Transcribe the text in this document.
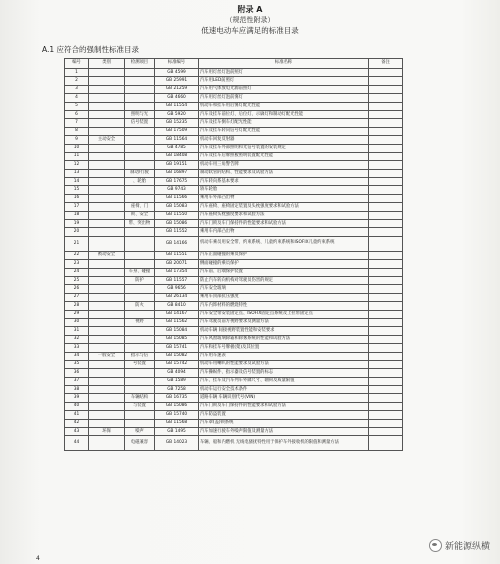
附录 A
（规范性附录）
低速电动车应满足的标准目录
A.1 应符合的强制性标准目录
编号	类别	检测项目	标准编号	标准名称	备注
1			GB 4599	汽车用灯丝灯泡前照灯	
2			GB 25991	汽车用LED前照灯	
3			GB 21259	汽车用气体放电光源前照灯	
4			GB 4660	汽车用灯丝灯泡前雾灯	
5			GB 11554	机动车和挂车用后雾灯配光性能	
6		照明与光	GB 5920	汽车及挂车前位灯、后位灯、示廓灯和制动灯配光性能	
7		信号装置	GB 15235	汽车及挂车倒车灯配光性能	
8			GB 17509	汽车及挂车转向信号灯配光性能	
9	主动安全		GB 11564	机动车回复反射器	
10			GB 4785	汽车及挂车外部照明和光信号装置的安装规定	
11			GB 18408	汽车及挂车后牌照板照明装置配光性能	
12			GB 19151	机动车用三角警告牌	
13		制动/行驶	GB 16897	制动软管的结构、性能要求及试验方法	
14		、轮胎	GB 17675	汽车转向系基本要求	
15			GB 9743	轿车轮胎	
16			GB 11566	乘用车外部凸出物	
17		座椅、门	GB 15083	汽车座椅、座椅固定装置及头枕强度要求和试验方法	
18		锁、安全	GB 11550	汽车座椅头枕强度要求和试验方法	
19		带、突出物	GB 15086	汽车门锁及车门保持件的性能要求和试验方法	
20			GB 11552	乘用车内部凸出物	
21			GB 14166	机动车乘员用安全带、约束系统、儿童约束系统和ISOFIX儿童约束系统	
22	被动安全		GB 11551	汽车正面碰撞的乘员保护	
23			GB 20071	侧面碰撞的乘员保护	
24		车身、碰撞	GB 17354	汽车前、后端保护装置	
25		防护	GB 11557	防止汽车转向机构对驾驶员伤害的规定	
26			GB 9656	汽车安全玻璃	
27			GB 26134	乘用车顶部抗压强度	
28		防火	GB 8410	汽车内饰材料的燃烧特性	
29			GB 14167	汽车安全带安装固定点、ISOFIX固定点系统及上拉带固定点	
30		视野	GB 11562	汽车驾驶员前方视野要求及测量方法	
31			GB 15084	机动车辆 间接视野装置性能和安装要求	
32			GB 15085	汽车风窗玻璃除霜和除雾系统的性能和试验方法	
33			GB 15741	汽车和挂车号牌板(架)及其位置	
34	一般安全	指示与信	GB 15082	汽车用车速表	
35		号装置	GB 15742	机动车用喇叭的性能要求及试验方法	
36			GB 4094	汽车操纵件、指示器及信号装置的标志	
37			GB 1589	汽车、挂车及汽车列车外廓尺寸、轴荷及质量限值	
38			GB 7258	机动车运行安全技术条件	
39		车辆结构	GB 16735	道路车辆 车辆识别代号(VIN)	
40		与装置	GB 15086	汽车门锁及车门保持件的性能要求和试验方法	
41			GB 15740	汽车防盗装置	
42			GB 11568	汽车罩(盖)锁系统	
43	环保	噪声	GB 1495	汽车加速行驶车外噪声限值及测量方法	
44		电磁兼容	GB 14023	车辆、船和内燃机 无线电骚扰特性用于保护车外接收机的限值和测量方法	
新能源纵横
4
